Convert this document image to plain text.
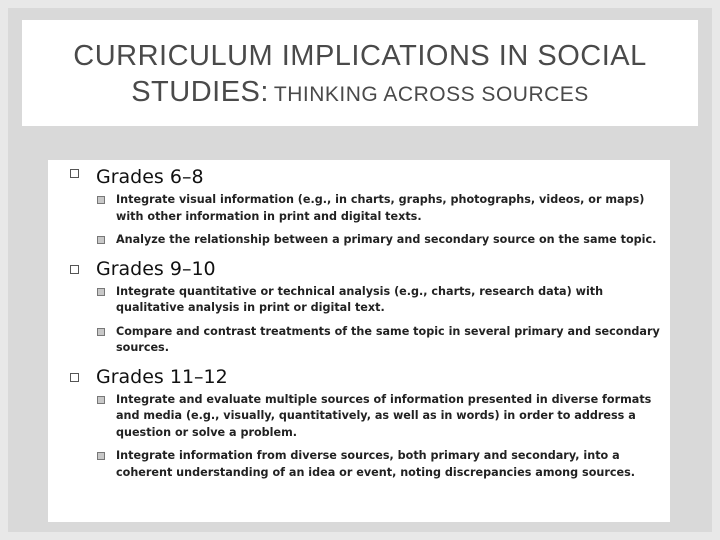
CURRICULUM IMPLICATIONS IN SOCIAL
STUDIES: THINKING ACROSS SOURCES
Grades 6–8
Integrate visual information (e.g., in charts, graphs, photographs, videos, or maps) with other information in print and digital texts.
Analyze the relationship between a primary and secondary source on the same topic.
Grades 9–10
Integrate quantitative or technical analysis (e.g., charts, research data) with qualitative analysis in print or digital text.
Compare and contrast treatments of the same topic in several primary and secondary sources.
Grades 11–12
Integrate and evaluate multiple sources of information presented in diverse formats and media (e.g., visually, quantitatively, as well as in words) in order to address a question or solve a problem.
Integrate information from diverse sources, both primary and secondary, into a coherent understanding of an idea or event, noting discrepancies among sources.
